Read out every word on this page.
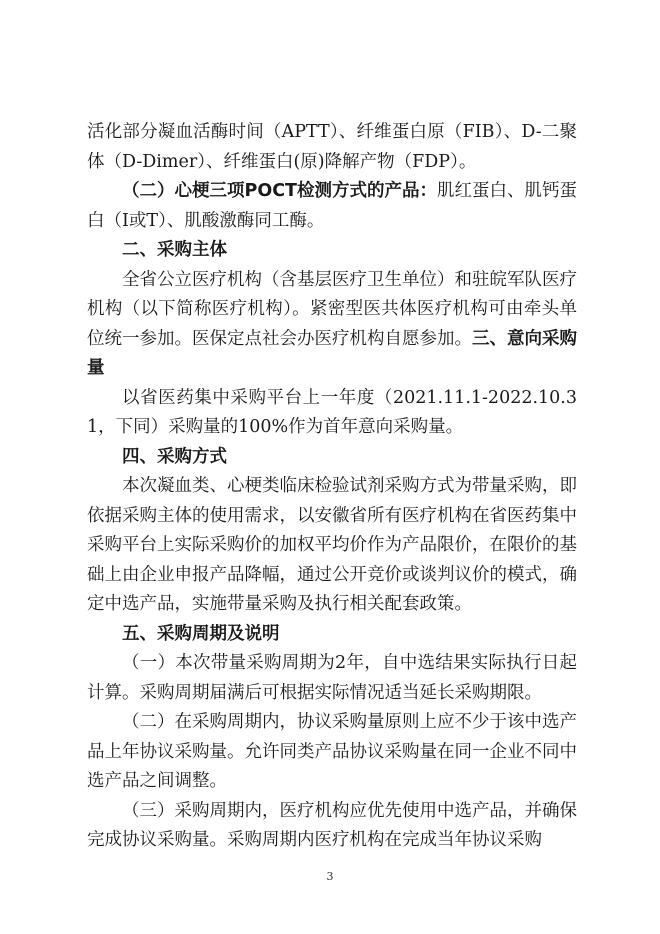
活化部分凝血活酶时间（APTT）、纤维蛋白原（FIB）、D-二聚体（D-Dimer）、纤维蛋白(原)降解产物（FDP）。

（二）心梗三项POCT检测方式的产品：肌红蛋白、肌钙蛋白（I或T）、肌酸激酶同工酶。

二、采购主体

全省公立医疗机构（含基层医疗卫生单位）和驻皖军队医疗机构（以下简称医疗机构）。紧密型医共体医疗机构可由牵头单位统一参加。医保定点社会办医疗机构自愿参加。三、意向采购量

以省医药集中采购平台上一年度（2021.11.1-2022.10.31，下同）采购量的100%作为首年意向采购量。

四、采购方式

本次凝血类、心梗类临床检验试剂采购方式为带量采购，即依据采购主体的使用需求，以安徽省所有医疗机构在省医药集中采购平台上实际采购价的加权平均价作为产品限价，在限价的基础上由企业申报产品降幅，通过公开竞价或谈判议价的模式，确定中选产品，实施带量采购及执行相关配套政策。

五、采购周期及说明

（一）本次带量采购周期为2年，自中选结果实际执行日起计算。采购周期届满后可根据实际情况适当延长采购期限。

（二）在采购周期内，协议采购量原则上应不少于该中选产品上年协议采购量。允许同类产品协议采购量在同一企业不同中选产品之间调整。

（三）采购周期内，医疗机构应优先使用中选产品，并确保完成协议采购量。采购周期内医疗机构在完成当年协议采购

3
